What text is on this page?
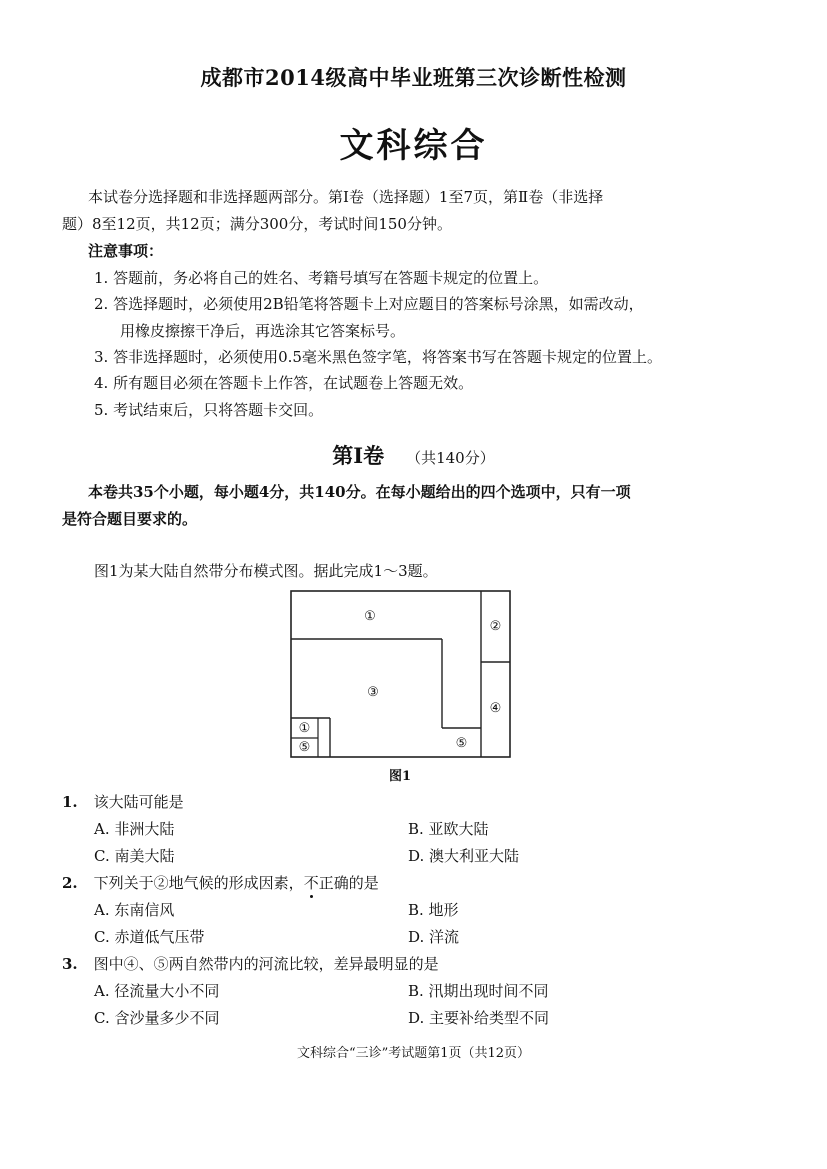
成都市2014级高中毕业班第三次诊断性检测
文科综合
本试卷分选择题和非选择题两部分。第Ⅰ卷（选择题）1至7页，第Ⅱ卷（非选择
题）8至12页，共12页；满分300分，考试时间150分钟。
注意事项：
1. 答题前，务必将自己的姓名、考籍号填写在答题卡规定的位置上。
2. 答选择题时，必须使用2B铅笔将答题卡上对应题目的答案标号涂黑，如需改动，
用橡皮擦擦干净后，再选涂其它答案标号。
3. 答非选择题时，必须使用0.5毫米黑色签字笔，将答案书写在答题卡规定的位置上。
4. 所有题目必须在答题卡上作答，在试题卷上答题无效。
5. 考试结束后，只将答题卡交回。
第Ⅰ卷 （共140分）
本卷共35个小题，每小题4分，共140分。在每小题给出的四个选项中，只有一项
是符合题目要求的。
图1为某大陆自然带分布模式图。据此完成1～3题。
①
②
③
④
①
⑤	⑤
图1
1. 该大陆可能是
A. 非洲大陆	B. 亚欧大陆
C. 南美大陆	D. 澳大利亚大陆
2. 下列关于②地气候的形成因素，不正确的是
A. 东南信风	B. 地形
C. 赤道低气压带	D. 洋流
3. 图中④、⑤两自然带内的河流比较，差异最明显的是
A. 径流量大小不同	B. 汛期出现时间不同
C. 含沙量多少不同	D. 主要补给类型不同
文科综合“三诊”考试题第1页（共12页）
